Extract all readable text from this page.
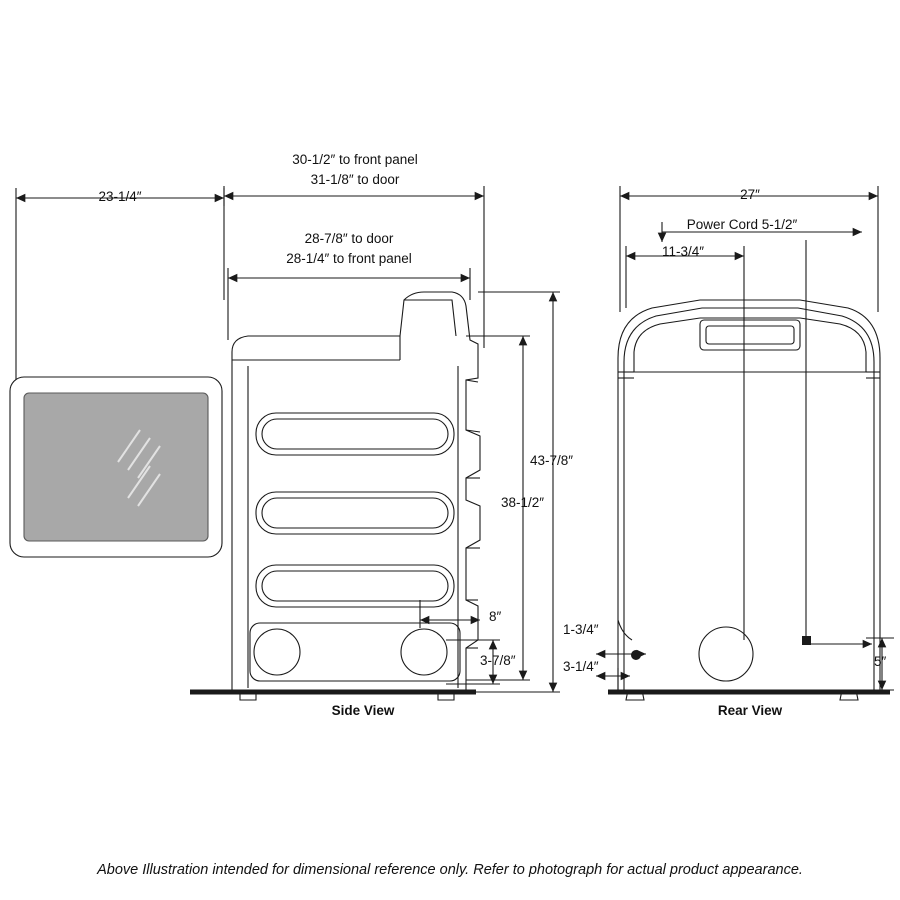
23-1/4″
30-1/2″ to front panel
31-1/8″ to door
28-7/8″ to door
28-1/4″ to front panel
43-7/8″
38-1/2″
8″
3-7/8″
27″
Power Cord 5-1/2″
11-3/4″
1-3/4″
3-1/4″	5″
Side View	Rear View
Above Illustration intended for dimensional reference only. Refer to photograph for actual product appearance.
